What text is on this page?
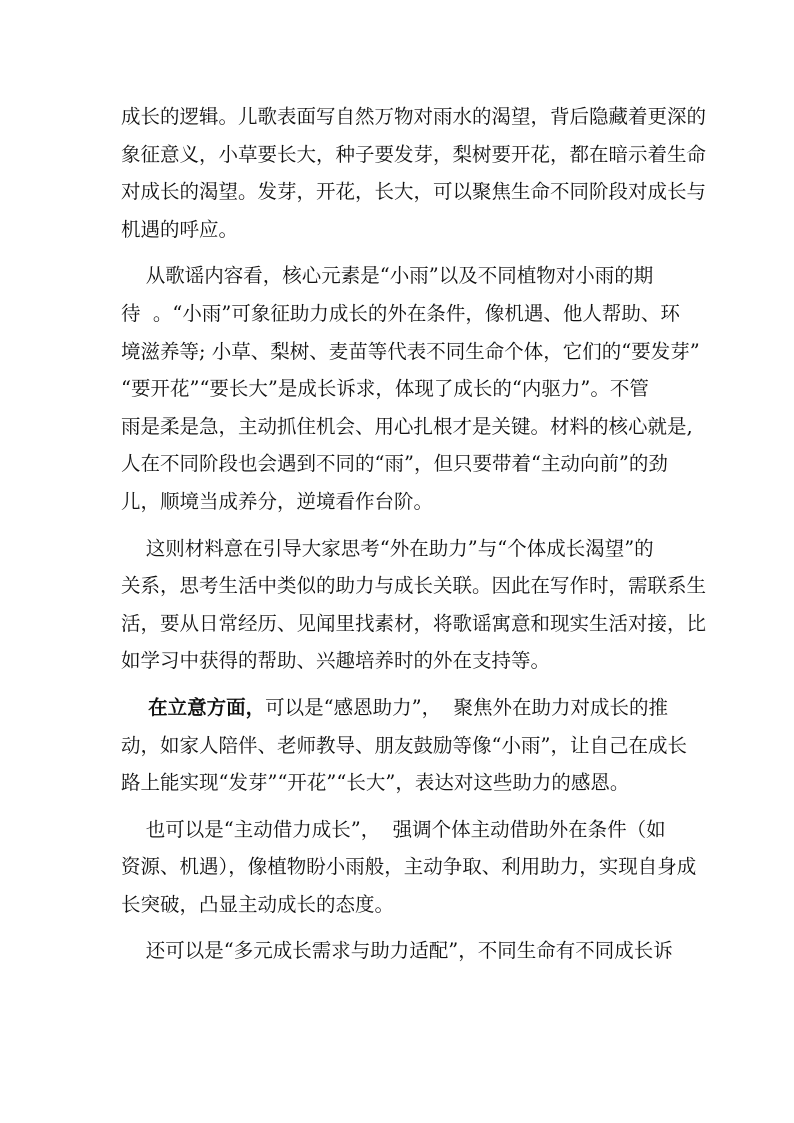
成长的逻辑。儿歌表面写自然万物对雨水的渴望，背后隐藏着更深的
象征意义，小草要长大，种子要发芽，梨树要开花，都在暗示着生命
对成长的渴望。发芽，开花，长大，可以聚焦生命不同阶段对成长与
机遇的呼应。
从歌谣内容看，核心元素是“小雨”以及不同植物对小雨的期
待  。“小雨”可象征助力成长的外在条件，像机遇、他人帮助、环
境滋养等; 小草、梨树、麦苗等代表不同生命个体，它们的“要发芽”
“要开花”“要长大”是成长诉求，体现了成长的“内驱力”。不管
雨是柔是急，主动抓住机会、用心扎根才是关键。材料的核心就是,
人在不同阶段也会遇到不同的“雨”，但只要带着“主动向前”的劲
儿，顺境当成养分，逆境看作台阶。
这则材料意在引导大家思考“外在助力”与“个体成长渴望”的
关系，思考生活中类似的助力与成长关联。因此在写作时，需联系生
活，要从日常经历、见闻里找素材，将歌谣寓意和现实生活对接，比
如学习中获得的帮助、兴趣培养时的外在支持等。
在立意方面，可以是“感恩助力”，  聚焦外在助力对成长的推
动，如家人陪伴、老师教导、朋友鼓励等像“小雨”，让自己在成长
路上能实现“发芽”“开花”“长大”，表达对这些助力的感恩。
也可以是“主动借力成长”，  强调个体主动借助外在条件（如
资源、机遇），像植物盼小雨般，主动争取、利用助力，实现自身成
长突破，凸显主动成长的态度。
还可以是“多元成长需求与助力适配”，不同生命有不同成长诉
